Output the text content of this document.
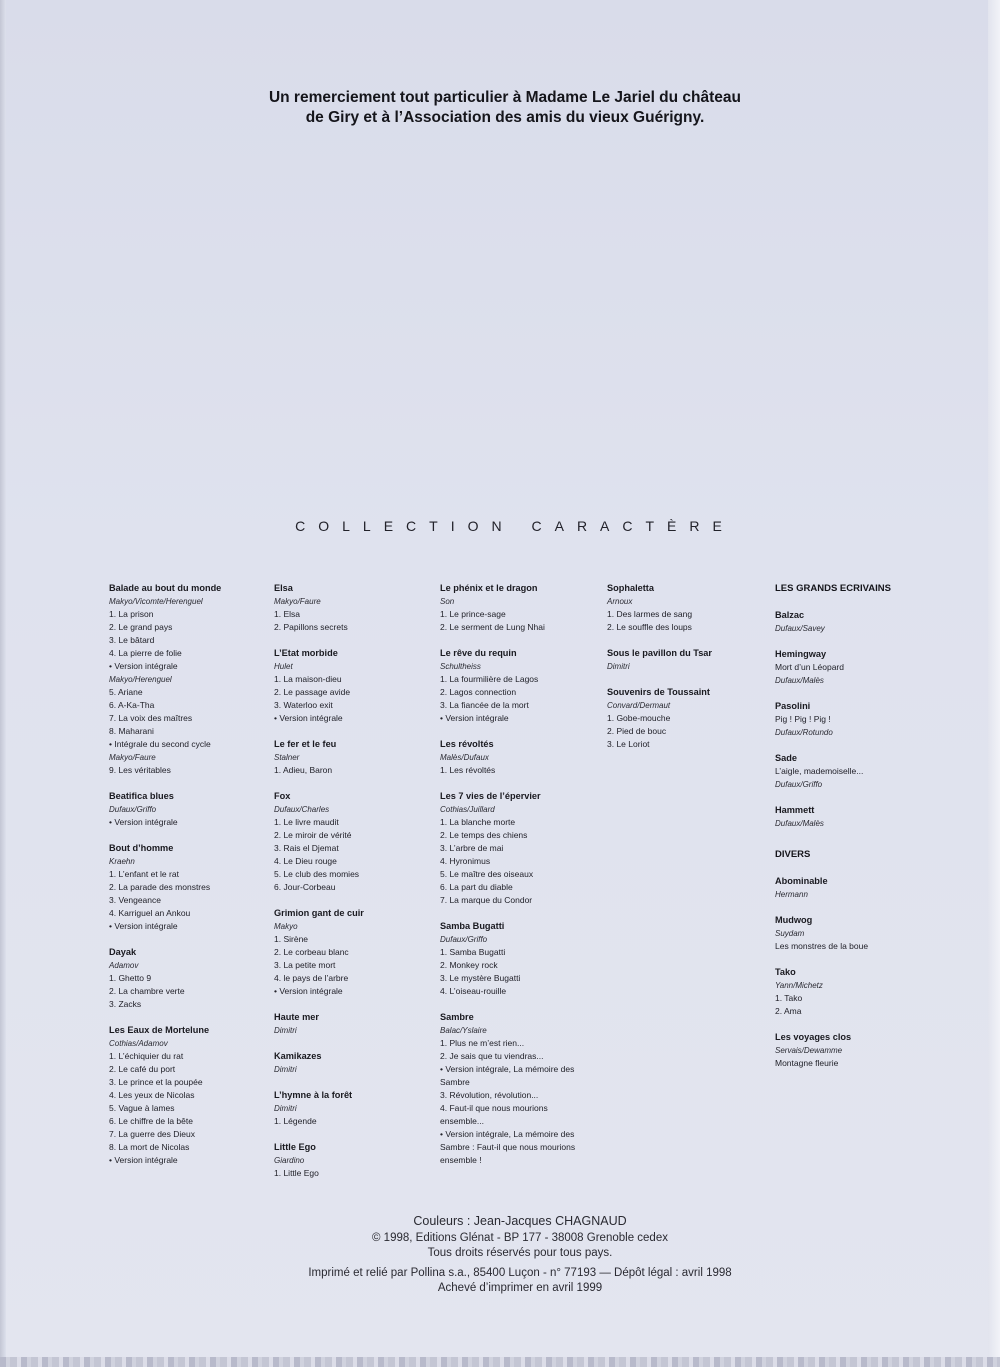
Un remerciement tout particulier à Madame Le Jariel du château
de Giry et à l’Association des amis du vieux Guérigny.
COLLECTION CARACTÈRE
Balade au bout du monde
Makyo/Vicomte/Herenguel
1. La prison
2. Le grand pays
3. Le bâtard
4. La pierre de folie
• Version intégrale
Makyo/Herenguel
5. Ariane
6. A-Ka-Tha
7. La voix des maîtres
8. Maharani
• Intégrale du second cycle
Makyo/Faure
9. Les véritables
Beatifica blues
Dufaux/Griffo
• Version intégrale
Bout d’homme
Kraehn
1. L’enfant et le rat
2. La parade des monstres
3. Vengeance
4. Karriguel an Ankou
• Version intégrale
Dayak
Adamov
1. Ghetto 9
2. La chambre verte
3. Zacks
Les Eaux de Mortelune
Cothias/Adamov
1. L’échiquier du rat
2. Le café du port
3. Le prince et la poupée
4. Les yeux de Nicolas
5. Vague à lames
6. Le chiffre de la bête
7. La guerre des Dieux
8. La mort de Nicolas
• Version intégrale
Elsa
Makyo/Faure
1. Elsa
2. Papillons secrets
L’Etat morbide
Hulet
1. La maison-dieu
2. Le passage avide
3. Waterloo exit
• Version intégrale
Le fer et le feu
Stalner
1. Adieu, Baron
Fox
Dufaux/Charles
1. Le livre maudit
2. Le miroir de vérité
3. Rais el Djemat
4. Le Dieu rouge
5. Le club des momies
6. Jour-Corbeau
Grimion gant de cuir
Makyo
1. Sirène
2. Le corbeau blanc
3. La petite mort
4. le pays de l’arbre
• Version intégrale
Haute mer
Dimitri
Kamikazes
Dimitri
L’hymne à la forêt
Dimitri
1. Légende
Little Ego
Giardino
1. Little Ego
Le phénix et le dragon
Son
1. Le prince-sage
2. Le serment de Lung Nhai
Le rêve du requin
Schultheiss
1. La fourmilière de Lagos
2. Lagos connection
3. La fiancée de la mort
• Version intégrale
Les révoltés
Malès/Dufaux
1. Les révoltés
Les 7 vies de l’épervier
Cothias/Juillard
1. La blanche morte
2. Le temps des chiens
3. L’arbre de mai
4. Hyronimus
5. Le maître des oiseaux
6. La part du diable
7. La marque du Condor
Samba Bugatti
Dufaux/Griffo
1. Samba Bugatti
2. Monkey rock
3. Le mystère Bugatti
4. L’oiseau-rouille
Sambre
Balac/Yslaire
1. Plus ne m’est rien...
2. Je sais que tu viendras...
• Version intégrale, La mémoire des
Sambre
3. Révolution, révolution...
4. Faut-il que nous mourions
ensemble...
• Version intégrale, La mémoire des
Sambre : Faut-il que nous mourions
ensemble !
Sophaletta
Arnoux
1. Des larmes de sang
2. Le souffle des loups
Sous le pavillon du Tsar
Dimitri
Souvenirs de Toussaint
Convard/Dermaut
1. Gobe-mouche
2. Pied de bouc
3. Le Loriot
LES GRANDS ECRIVAINS
Balzac
Dufaux/Savey
Hemingway
Mort d’un Léopard
Dufaux/Malès
Pasolini
Pig ! Pig ! Pig !
Dufaux/Rotundo
Sade
L’aigle, mademoiselle...
Dufaux/Griffo
Hammett
Dufaux/Malès
DIVERS
Abominable
Hermann
Mudwog
Suydam
Les monstres de la boue
Tako
Yann/Michetz
1. Tako
2. Ama
Les voyages clos
Servais/Dewamme
Montagne fleurie
Couleurs : Jean-Jacques CHAGNAUD
© 1998, Editions Glénat - BP 177 - 38008 Grenoble cedex
Tous droits réservés pour tous pays.
Imprimé et relié par Pollina s.a., 85400 Luçon - n° 77193 — Dépôt légal : avril 1998
Achevé d’imprimer en avril 1999
